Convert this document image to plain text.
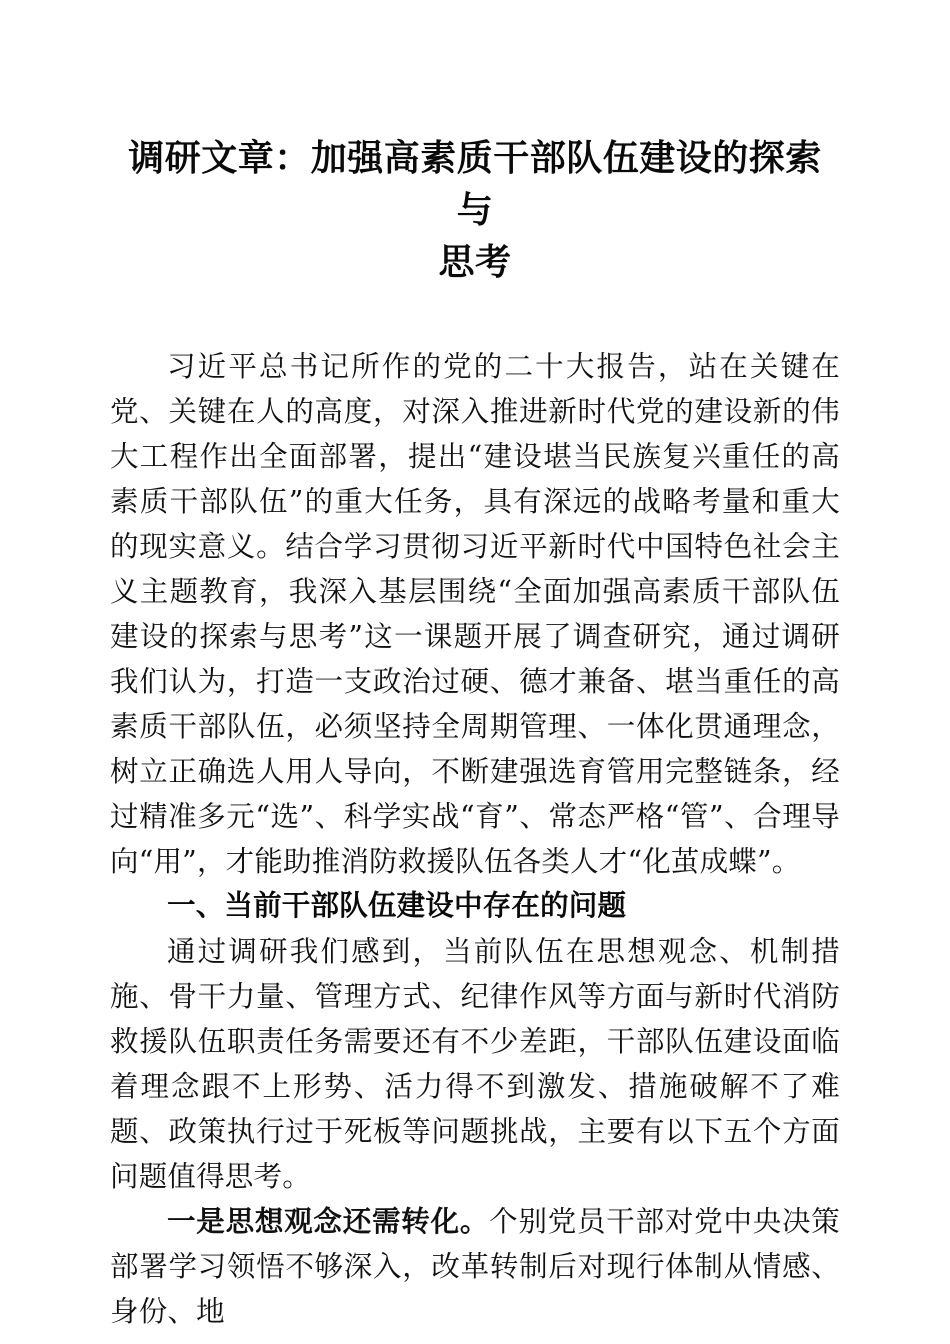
调研文章：加强高素质干部队伍建设的探索与
思考

习近平总书记所作的党的二十大报告，站在关键在党、关键在人的高度，对深入推进新时代党的建设新的伟大工程作出全面部署，提出“建设堪当民族复兴重任的高素质干部队伍”的重大任务，具有深远的战略考量和重大的现实意义。结合学习贯彻习近平新时代中国特色社会主义主题教育，我深入基层围绕“全面加强高素质干部队伍建设的探索与思考”这一课题开展了调查研究，通过调研我们认为，打造一支政治过硬、德才兼备、堪当重任的高素质干部队伍，必须坚持全周期管理、一体化贯通理念，树立正确选人用人导向，不断建强选育管用完整链条，经过精准多元“选”、科学实战“育”、常态严格“管”、合理导向“用”，才能助推消防救援队伍各类人才“化茧成蝶”。

一、当前干部队伍建设中存在的问题

通过调研我们感到，当前队伍在思想观念、机制措施、骨干力量、管理方式、纪律作风等方面与新时代消防救援队伍职责任务需要还有不少差距，干部队伍建设面临着理念跟不上形势、活力得不到激发、措施破解不了难题、政策执行过于死板等问题挑战，主要有以下五个方面问题值得思考。

一是思想观念还需转化。个别党员干部对党中央决策部署学习领悟不够深入，改革转制后对现行体制从情感、身份、地
